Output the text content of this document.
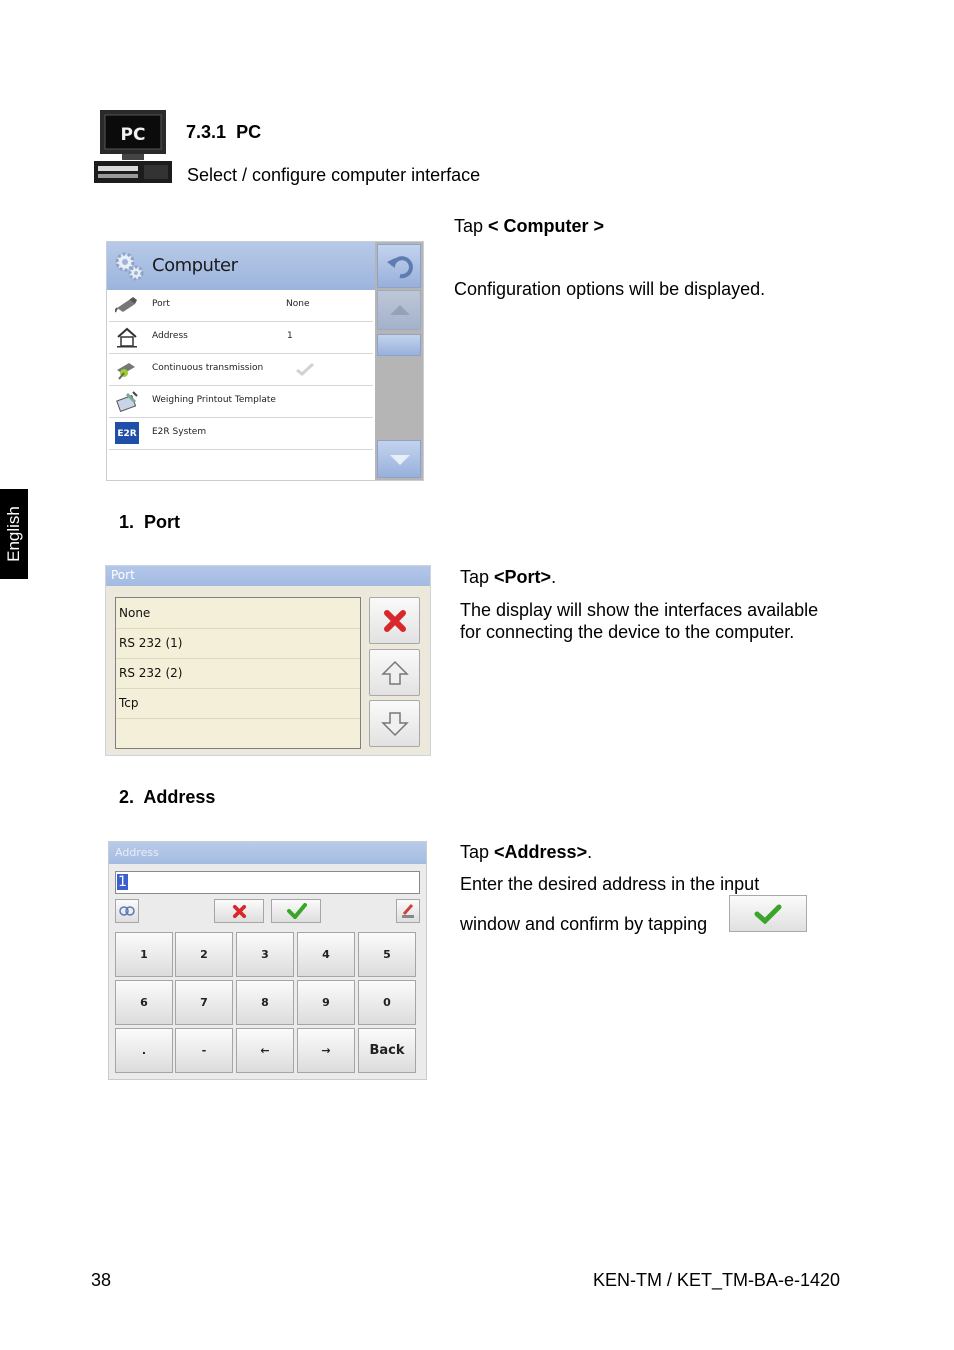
English
PC 7.3.1 PC
Select / configure computer interface
Tap < Computer >
Configuration options will be displayed.
Computer
Port	None
Address	1
Continuous transmission
Weighing Printout Template
E2R E2R System
1. Port
Port
None
RS 232 (1)
RS 232 (2)
Tcp
Tap <Port>.
The display will show the interfaces available for connecting the device to the computer.
2. Address
Address
1
1	2	3	4	5
6	7	8	9	0
.	-	←	→	Back
Tap <Address>.
Enter the desired address in the input
window and confirm by tapping
38	KEN-TM / KET_TM-BA-e-1420
